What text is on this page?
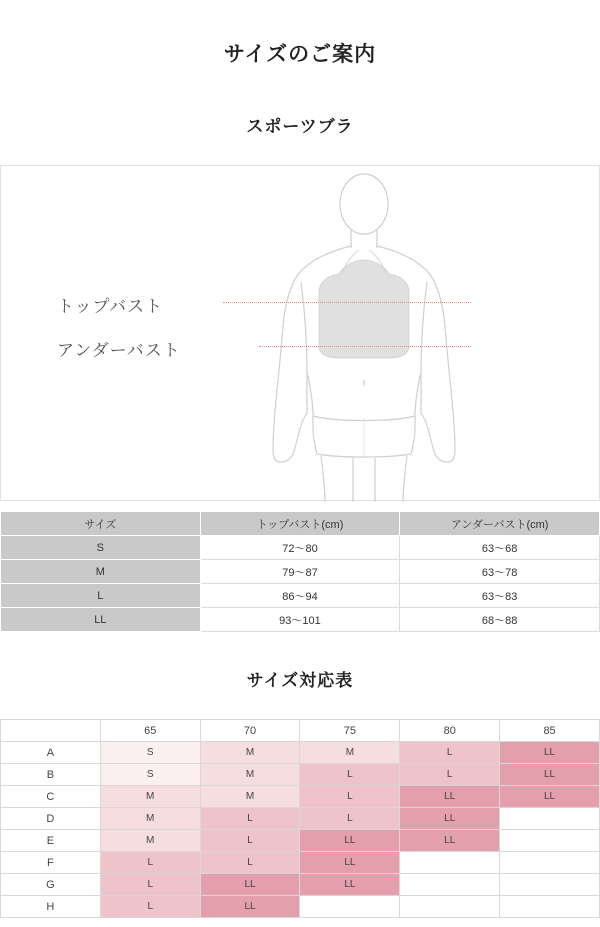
サイズのご案内
スポーツブラ
トップバスト
アンダーバスト
サイズ	トップバスト(cm)	アンダーバスト(cm)
S	72〜80	63〜68
M	79〜87	63〜78
L	86〜94	63〜83
LL	93〜101	68〜88
サイズ対応表
	65	70	75	80	85
A	S	M	M	L	LL
B	S	M	L	L	LL
C	M	M	L	LL	LL
D	M	L	L	LL	
E	M	L	LL	LL	
F	L	L	LL		
G	L	LL	LL		
H	L	LL			
